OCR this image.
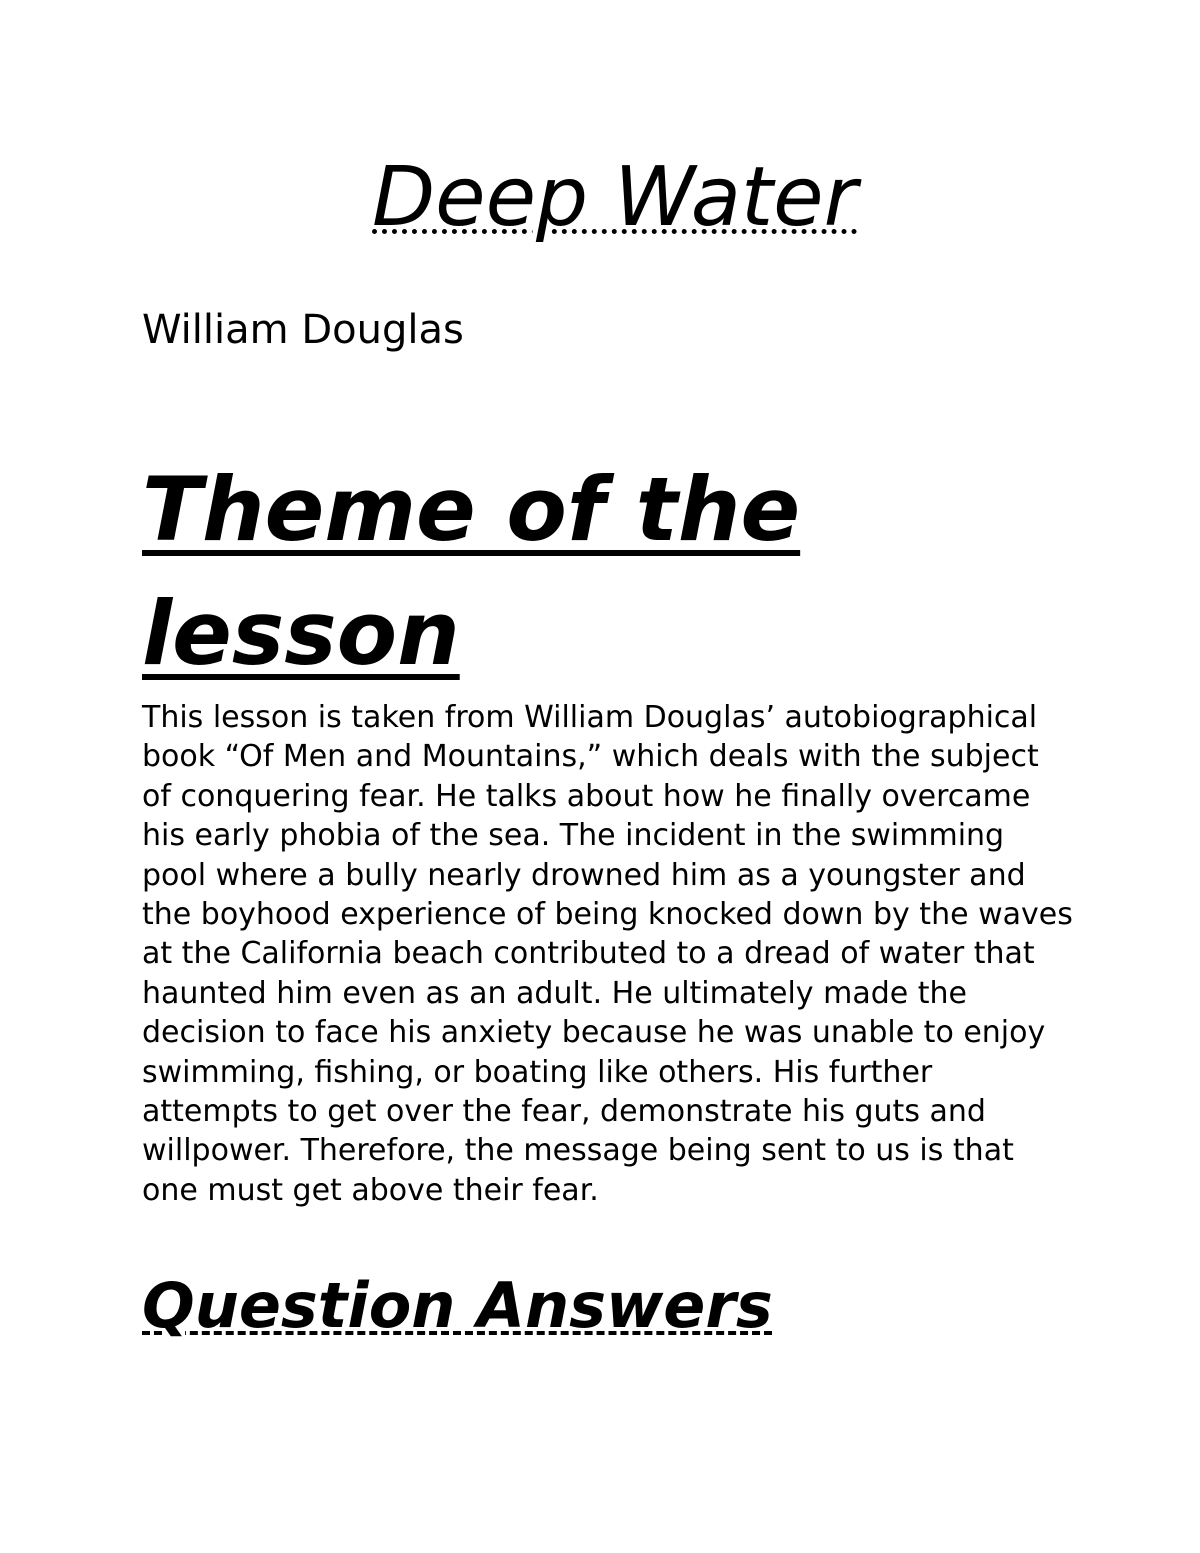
Deep Water

William Douglas

Theme of the lesson

This lesson is taken from William Douglas’ autobiographical book “Of Men and Mountains,” which deals with the subject of conquering fear. He talks about how he finally overcame his early phobia of the sea. The incident in the swimming pool where a bully nearly drowned him as a youngster and the boyhood experience of being knocked down by the waves at the California beach contributed to a dread of water that haunted him even as an adult. He ultimately made the decision to face his anxiety because he was unable to enjoy swimming, fishing, or boating like others. His further attempts to get over the fear, demonstrate his guts and willpower. Therefore, the message being sent to us is that one must get above their fear.

Question Answers
